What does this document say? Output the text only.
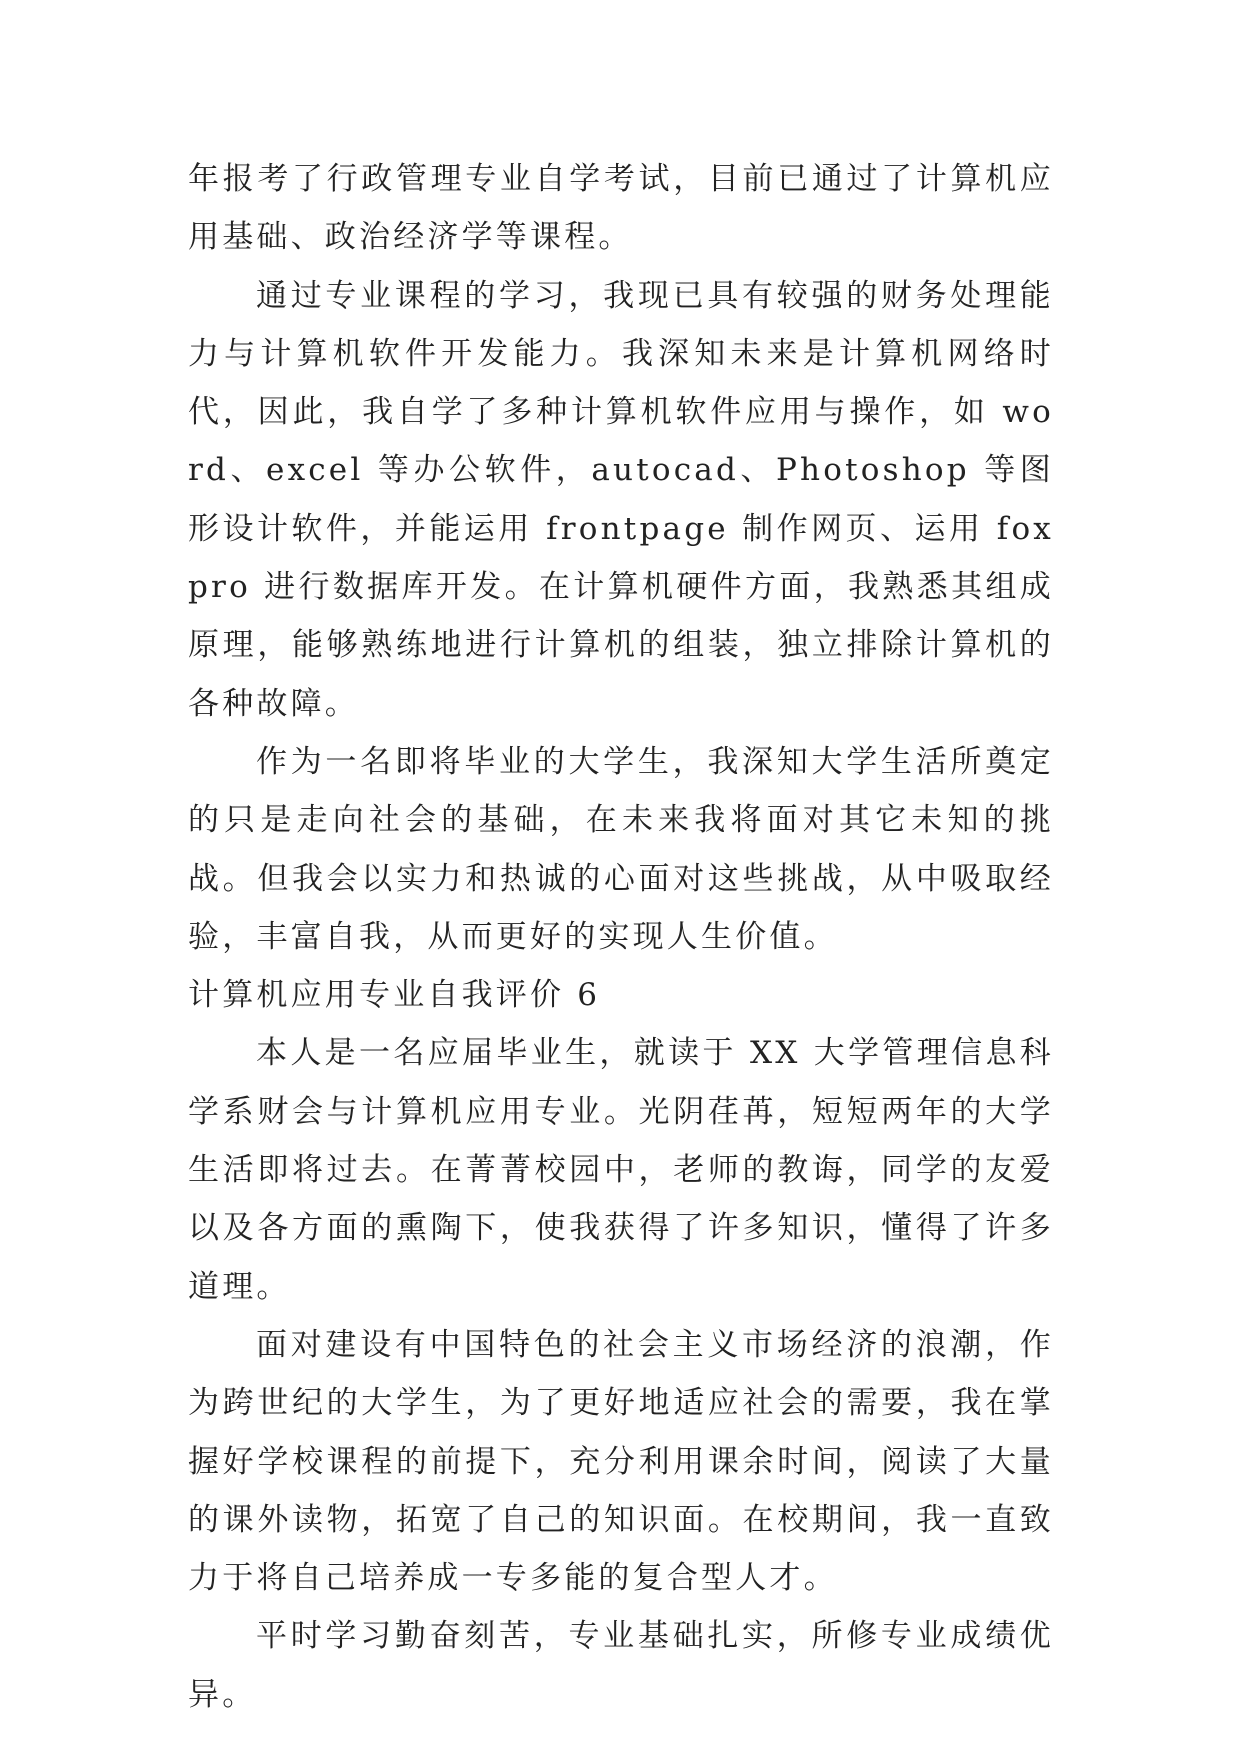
年报考了行政管理专业自学考试，目前已通过了计算机应用基础、政治经济学等课程。

通过专业课程的学习，我现已具有较强的财务处理能力与计算机软件开发能力。我深知未来是计算机网络时代，因此，我自学了多种计算机软件应用与操作，如 word、excel 等办公软件，autocad、Photoshop 等图形设计软件，并能运用 frontpage 制作网页、运用 foxpro 进行数据库开发。在计算机硬件方面，我熟悉其组成原理，能够熟练地进行计算机的组装，独立排除计算机的各种故障。

作为一名即将毕业的大学生，我深知大学生活所奠定的只是走向社会的基础，在未来我将面对其它未知的挑战。但我会以实力和热诚的心面对这些挑战，从中吸取经验，丰富自我，从而更好的实现人生价值。

计算机应用专业自我评价 6

本人是一名应届毕业生，就读于 XX 大学管理信息科学系财会与计算机应用专业。光阴荏苒，短短两年的大学生活即将过去。在菁菁校园中，老师的教诲，同学的友爱以及各方面的熏陶下，使我获得了许多知识，懂得了许多道理。

面对建设有中国特色的社会主义市场经济的浪潮，作为跨世纪的大学生，为了更好地适应社会的需要，我在掌握好学校课程的前提下，充分利用课余时间，阅读了大量的课外读物，拓宽了自己的知识面。在校期间，我一直致力于将自己培养成一专多能的复合型人才。

平时学习勤奋刻苦，专业基础扎实，所修专业成绩优异。
